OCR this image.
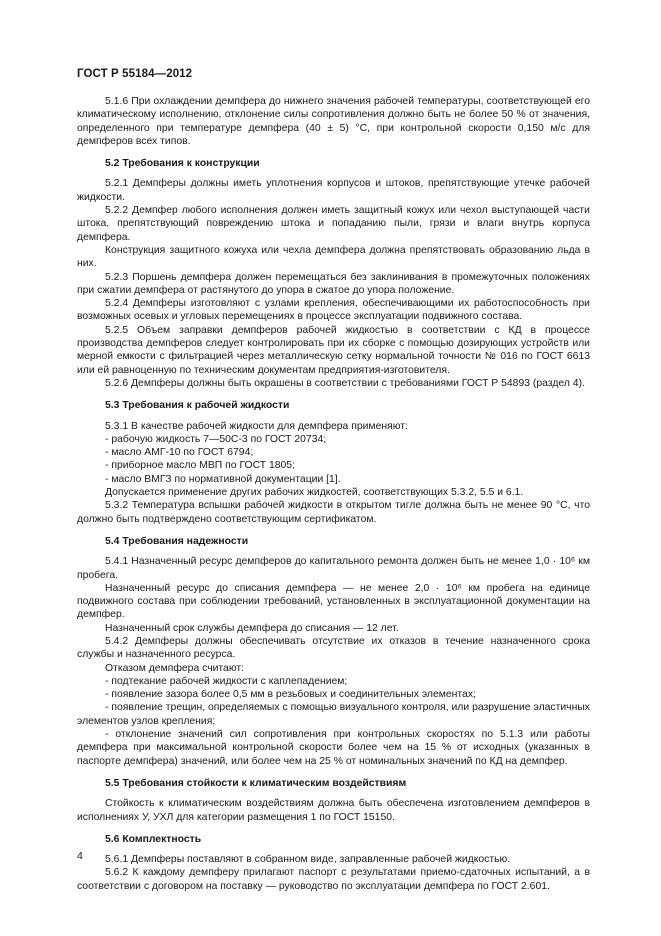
ГОСТ Р 55184—2012
5.1.6 При охлаждении демпфера до нижнего значения рабочей температуры, соответствующей его климатическому исполнению, отклонение силы сопротивления должно быть не более 50 % от значения, определенного при температуре демпфера (40 ± 5) °С, при контрольной скорости 0,150 м/с для демпферов всех типов.
5.2 Требования к конструкции
5.2.1 Демпферы должны иметь уплотнения корпусов и штоков, препятствующие утечке рабочей жидкости.
5.2.2 Демпфер любого исполнения должен иметь защитный кожух или чехол выступающей части штока, препятствующий повреждению штока и попаданию пыли, грязи и влаги внутрь корпуса демпфера.
Конструкция защитного кожуха или чехла демпфера должна препятствовать образованию льда в них.
5.2.3 Поршень демпфера должен перемещаться без заклинивания в промежуточных положениях при сжатии демпфера от растянутого до упора в сжатое до упора положение.
5.2.4 Демпферы изготовляют с узлами крепления, обеспечивающими их работоспособность при возможных осевых и угловых перемещениях в процессе эксплуатации подвижного состава.
5.2.5 Объем заправки демпферов рабочей жидкостью в соответствии с КД в процессе производства демпферов следует контролировать при их сборке с помощью дозирующих устройств или мерной емкости с фильтрацией через металлическую сетку нормальной точности № 016 по ГОСТ 6613 или ей равноценную по техническим документам предприятия-изготовителя.
5.2.6 Демпферы должны быть окрашены в соответствии с требованиями ГОСТ Р 54893 (раздел 4).
5.3 Требования к рабочей жидкости
5.3.1 В качестве рабочей жидкости для демпфера применяют:
- рабочую жидкость 7—50С-3 по ГОСТ 20734;
- масло АМГ-10 по ГОСТ 6794;
- приборное масло МВП по ГОСТ 1805;
- масло ВМГЗ по нормативной документации [1].
Допускается применение других рабочих жидкостей, соответствующих 5.3.2, 5.5 и 6.1.
5.3.2 Температура вспышки рабочей жидкости в открытом тигле должна быть не менее 90 °С, что должно быть подтверждено соответствующим сертификатом.
5.4 Требования надежности
5.4.1 Назначенный ресурс демпферов до капитального ремонта должен быть не менее 1,0 · 10⁶ км пробега.
Назначенный ресурс до списания демпфера — не менее 2,0 · 10⁶ км пробега на единице подвижного состава при соблюдении требований, установленных в эксплуатационной документации на демпфер.
Назначенный срок службы демпфера до списания — 12 лет.
5.4.2 Демпферы должны обеспечивать отсутствие их отказов в течение назначенного срока службы и назначенного ресурса.
Отказом демпфера считают:
- подтекание рабочей жидкости с каплепадением;
- появление зазора более 0,5 мм в резьбовых и соединительных элементах;
- появление трещин, определяемых с помощью визуального контроля, или разрушение эластичных элементов узлов крепления;
- отклонение значений сил сопротивления при контрольных скоростях по 5.1.3 или работы демпфера при максимальной контрольной скорости более чем на 15 % от исходных (указанных в паспорте демпфера) значений, или более чем на 25 % от номинальных значений по КД на демпфер.
5.5 Требования стойкости к климатическим воздействиям
Стойкость к климатическим воздействиям должна быть обеспечена изготовлением демпферов в исполнениях У, УХЛ для категории размещения 1 по ГОСТ 15150.
5.6 Комплектность
5.6.1 Демпферы поставляют в собранном виде, заправленные рабочей жидкостью.
5.6.2 К каждому демпферу прилагают паспорт с результатами приемо-сдаточных испытаний, а в соответствии с договором на поставку — руководство по эксплуатации демпфера по ГОСТ 2.601.
4
